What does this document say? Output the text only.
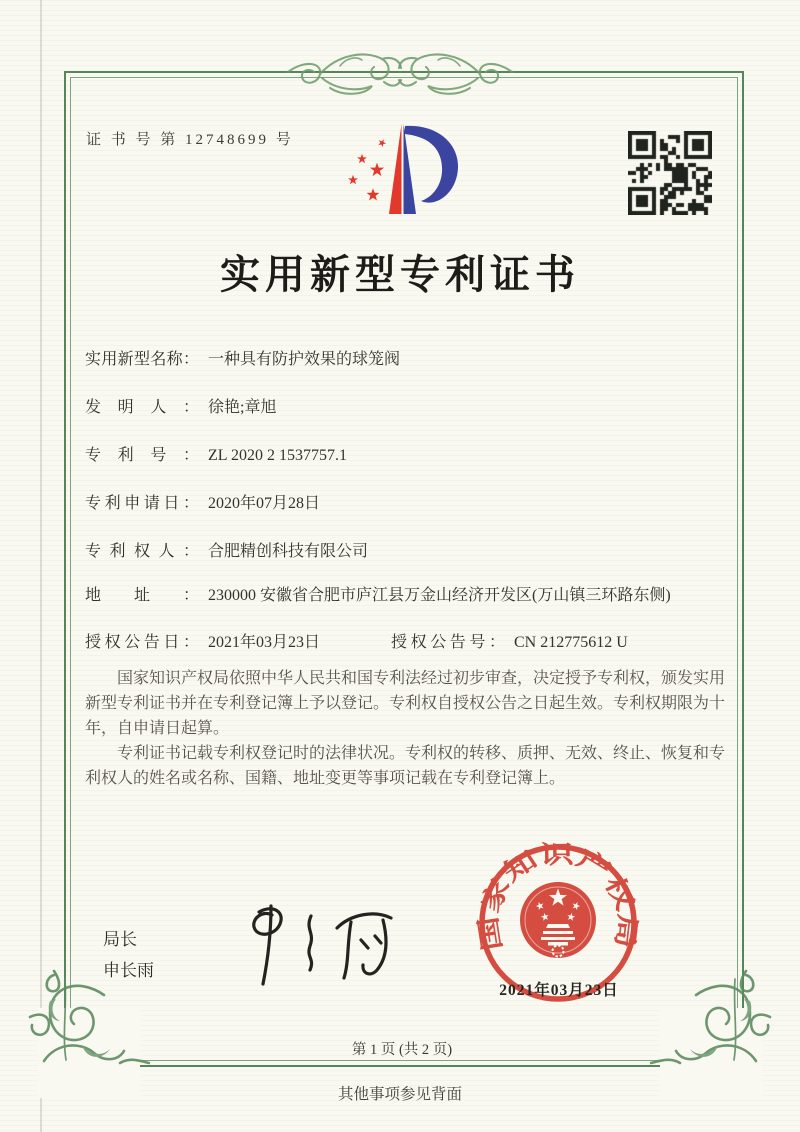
证 书 号 第 12748699 号
实用新型专利证书
实用新型名称： 一种具有防护效果的球笼阀
发明人： 徐艳;章旭
专利号： ZL 2020 2 1537757.1
专利申请日： 2020年07月28日
专利权人： 合肥精创科技有限公司
地址： 230000 安徽省合肥市庐江县万金山经济开发区(万山镇三环路东侧)
授权公告日： 2021年03月23日	授权公告号： CN 212775612 U

国家知识产权局依照中华人民共和国专利法经过初步审查，决定授予专利权，颁发实用新型专利证书并在专利登记簿上予以登记。专利权自授权公告之日起生效。专利权期限为十年，自申请日起算。

专利证书记载专利权登记时的法律状况。专利权的转移、质押、无效、终止、恢复和专利权人的姓名或名称、国籍、地址变更等事项记载在专利登记簿上。

局长
申长雨
国家知识产权局
2021年03月23日
第 1 页 (共 2 页)
其他事项参见背面
